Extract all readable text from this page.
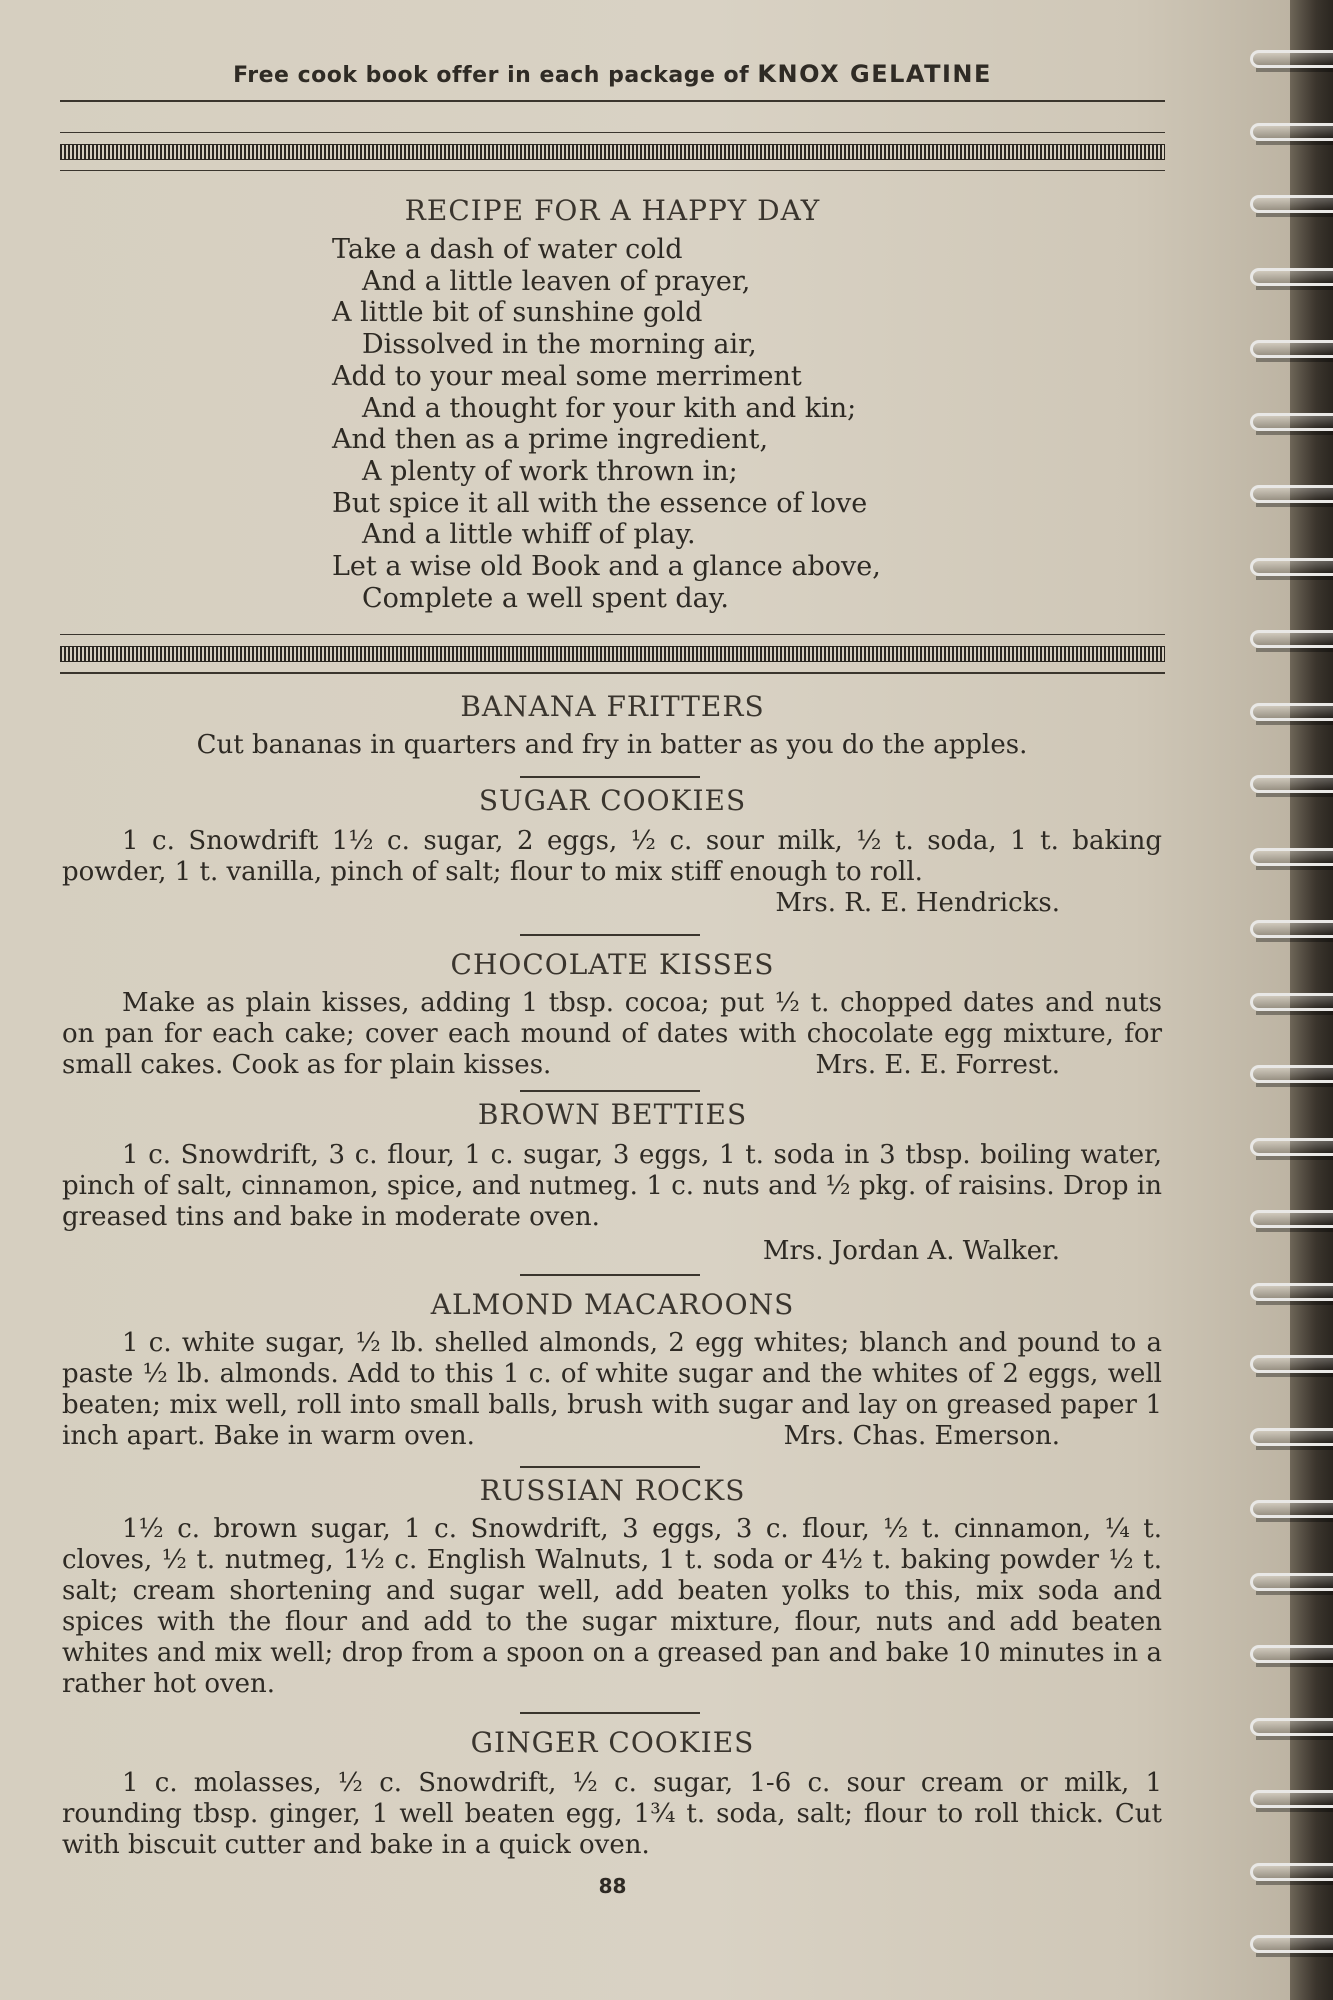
Free cook book offer in each package of KNOX GELATINE
RECIPE FOR A HAPPY DAY
Take a dash of water cold
And a little leaven of prayer,
A little bit of sunshine gold
Dissolved in the morning air,
Add to your meal some merriment
And a thought for your kith and kin;
And then as a prime ingredient,
A plenty of work thrown in;
But spice it all with the essence of love
And a little whiff of play.
Let a wise old Book and a glance above,
Complete a well spent day.
BANANA FRITTERS
Cut bananas in quarters and fry in batter as you do the apples.
SUGAR COOKIES
1 c. Snowdrift 1½ c. sugar, 2 eggs, ½ c. sour milk, ½ t. soda, 1 t. baking powder, 1 t. vanilla, pinch of salt; flour to mix stiff enough to roll.
Mrs. R. E. Hendricks.
CHOCOLATE KISSES
Make as plain kisses, adding 1 tbsp. cocoa; put ½ t. chopped dates and nuts on pan for each cake; cover each mound of dates with chocolate egg mixture, for small cakes. Cook as for plain kisses.	Mrs. E. E. Forrest.
BROWN BETTIES
1 c. Snowdrift, 3 c. flour, 1 c. sugar, 3 eggs, 1 t. soda in 3 tbsp. boiling water, pinch of salt, cinnamon, spice, and nutmeg. 1 c. nuts and ½ pkg. of raisins. Drop in greased tins and bake in moderate oven.
Mrs. Jordan A. Walker.
ALMOND MACAROONS
1 c. white sugar, ½ lb. shelled almonds, 2 egg whites; blanch and pound to a paste ½ lb. almonds. Add to this 1 c. of white sugar and the whites of 2 eggs, well beaten; mix well, roll into small balls, brush with sugar and lay on greased paper 1 inch apart. Bake in warm oven.	Mrs. Chas. Emerson.
RUSSIAN ROCKS
1½ c. brown sugar, 1 c. Snowdrift, 3 eggs, 3 c. flour, ½ t. cinnamon, ¼ t. cloves, ½ t. nutmeg, 1½ c. English Walnuts, 1 t. soda or 4½ t. baking powder ½ t. salt; cream shortening and sugar well, add beaten yolks to this, mix soda and spices with the flour and add to the sugar mixture, flour, nuts and add beaten whites and mix well; drop from a spoon on a greased pan and bake 10 minutes in a rather hot oven.
GINGER COOKIES
1 c. molasses, ½ c. Snowdrift, ½ c. sugar, 1-6 c. sour cream or milk, 1 rounding tbsp. ginger, 1 well beaten egg, 1¾ t. soda, salt; flour to roll thick. Cut with biscuit cutter and bake in a quick oven.
88
